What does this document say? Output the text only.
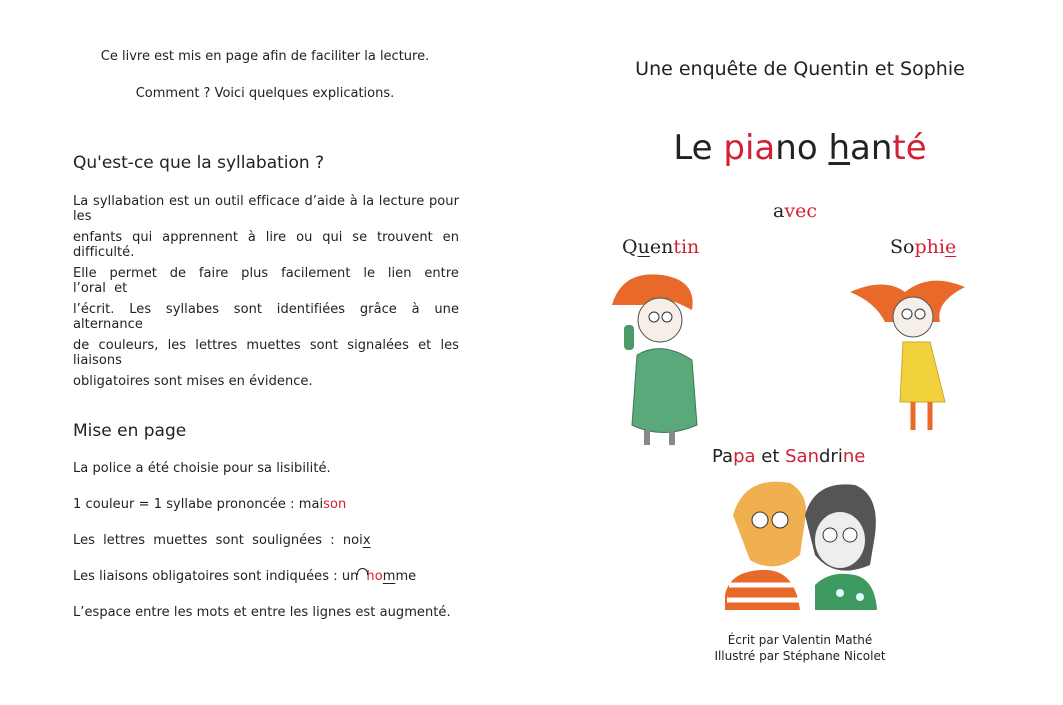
Ce livre est mis en page afin de faciliter la lecture.
Comment ? Voici quelques explications.
Qu'est-ce que la syllabation ?
La syllabation est un outil efficace d’aide à la lecture pour les
enfants qui apprennent à lire ou qui se trouvent en difficulté.
Elle permet de faire plus facilement le lien entre l’oral et
l’écrit. Les syllabes sont identifiées grâce à une alternance
de couleurs, les lettres muettes sont signalées et les liaisons
obligatoires sont mises en évidence.
Mise en page
La police a été choisie pour sa lisibilité.
1 couleur = 1 syllabe prononcée : maison
Les lettres muettes sont soulignées : noix
Les liaisons obligatoires sont indiquées : un homme
L’espace entre les mots et entre les lignes est augmenté.
Une enquête de Quentin et Sophie
Le piano hanté
avec
Quentin	Sophie
Papa et Sandrine
Écrit par Valentin Mathé
Illustré par Stéphane Nicolet
